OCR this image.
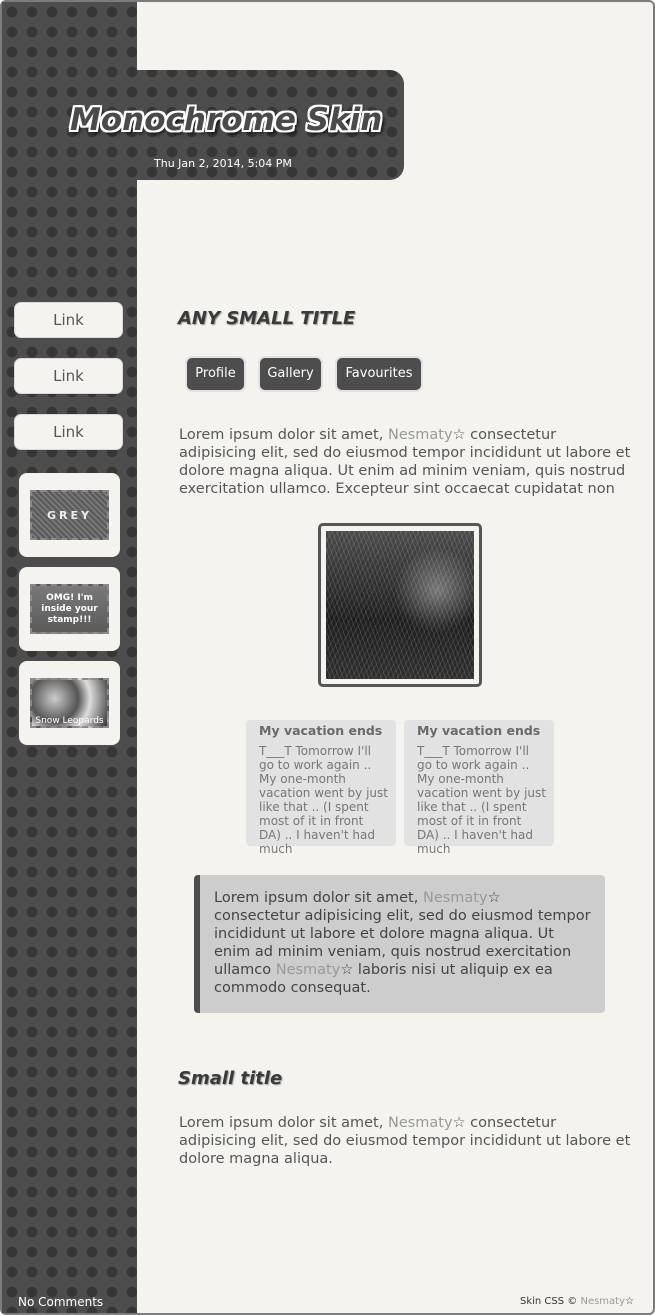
Monochrome Skin
Thu Jan 2, 2014, 5:04 PM
Link
Link
Link
GREY
OMG! I'm inside your stamp!!!
Snow Leopards
No Comments
ANY SMALL TITLE
Profile	Gallery	Favourites
Lorem ipsum dolor sit amet, Nesmaty☆ consectetur adipisicing elit, sed do eiusmod tempor incididunt ut labore et dolore magna aliqua. Ut enim ad minim veniam, quis nostrud exercitation ullamco. Excepteur sint occaecat cupidatat non
My vacation ends
T___T Tomorrow I'll go to work again .. My one-month vacation went by just like that .. (I spent most of it in front DA) .. I haven't had much
My vacation ends
T___T Tomorrow I'll go to work again .. My one-month vacation went by just like that .. (I spent most of it in front DA) .. I haven't had much
Lorem ipsum dolor sit amet, Nesmaty☆ consectetur adipisicing elit, sed do eiusmod tempor incididunt ut labore et dolore magna aliqua. Ut enim ad minim veniam, quis nostrud exercitation ullamco Nesmaty☆ laboris nisi ut aliquip ex ea commodo consequat.
Small title
Lorem ipsum dolor sit amet, Nesmaty☆ consectetur adipisicing elit, sed do eiusmod tempor incididunt ut labore et dolore magna aliqua.
Skin CSS © Nesmaty☆
